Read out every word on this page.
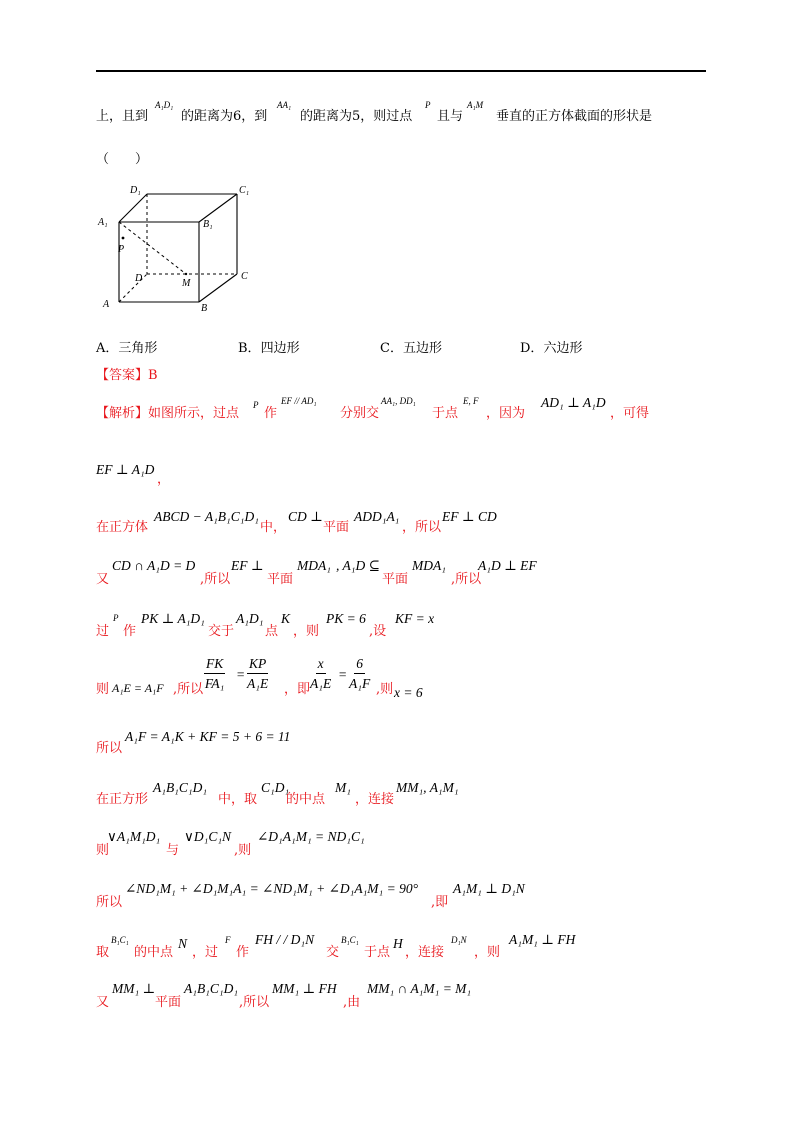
上，且到
A₁D₁
的距离为6，到
AA₁
的距离为5，则过点
P
且与
A₁M
垂直的正方体截面的形状是
（　　）
D₁	C₁
A₁	B₁
P
D	M
C
A	B
A．三角形	B．四边形	C．五边形	D．六边形
【答案】B
【解析】如图所示，过点
P
作
EF // AD₁
分别交
AA₁, DD₁
于点
E, F
，因为
AD₁ ⊥ A₁D
，可得
EF ⊥ A₁D
，
在正方体
ABCD − A₁B₁C₁D₁
中，
CD ⊥
平面
ADD₁A₁
，所以
EF ⊥ CD
又
CD ∩ A₁D = D
,所以
EF ⊥
平面
MDA₁ , A₁D ⊆
平面
MDA₁
,所以
A₁D ⊥ EF
过
P
作
PK ⊥ A₁D₁
交于
A₁D₁
点
K
，则
PK = 6
,设
KF = x
则 A₁E = A₁F ,所以 $\frac{FK}{\text{FA₁}} = \frac{KP}{\text{A₁E}}$ ，即 $\frac{x}{\text{A₁E}} = \frac{6}{\text{A₁F}}$ ,则 x = 6
所以
A₁F = A₁K + KF = 5 + 6 = 11
在正方形
A₁B₁C₁D₁
中，取
C₁D₁
的中点
M₁
，连接
MM₁, A₁M₁
则
∨A₁M₁D₁
与
∨D₁C₁N
,则
∠D₁A₁M₁ = ND₁C₁
所以
∠ND₁M₁ + ∠D₁M₁A₁ = ∠ND₁M₁ + ∠D₁A₁M₁ = 90°
,即
A₁M₁ ⊥ D₁N
取
B₁C₁
的中点
N
，过
F
作
FH / / D₁N
交
B₁C₁
于点
H
，连接
D₁N
，则
A₁M₁ ⊥ FH
又
MM₁ ⊥
平面
A₁B₁C₁D₁
,所以
MM₁ ⊥ FH
,由
MM₁ ∩ A₁M₁ = M₁
